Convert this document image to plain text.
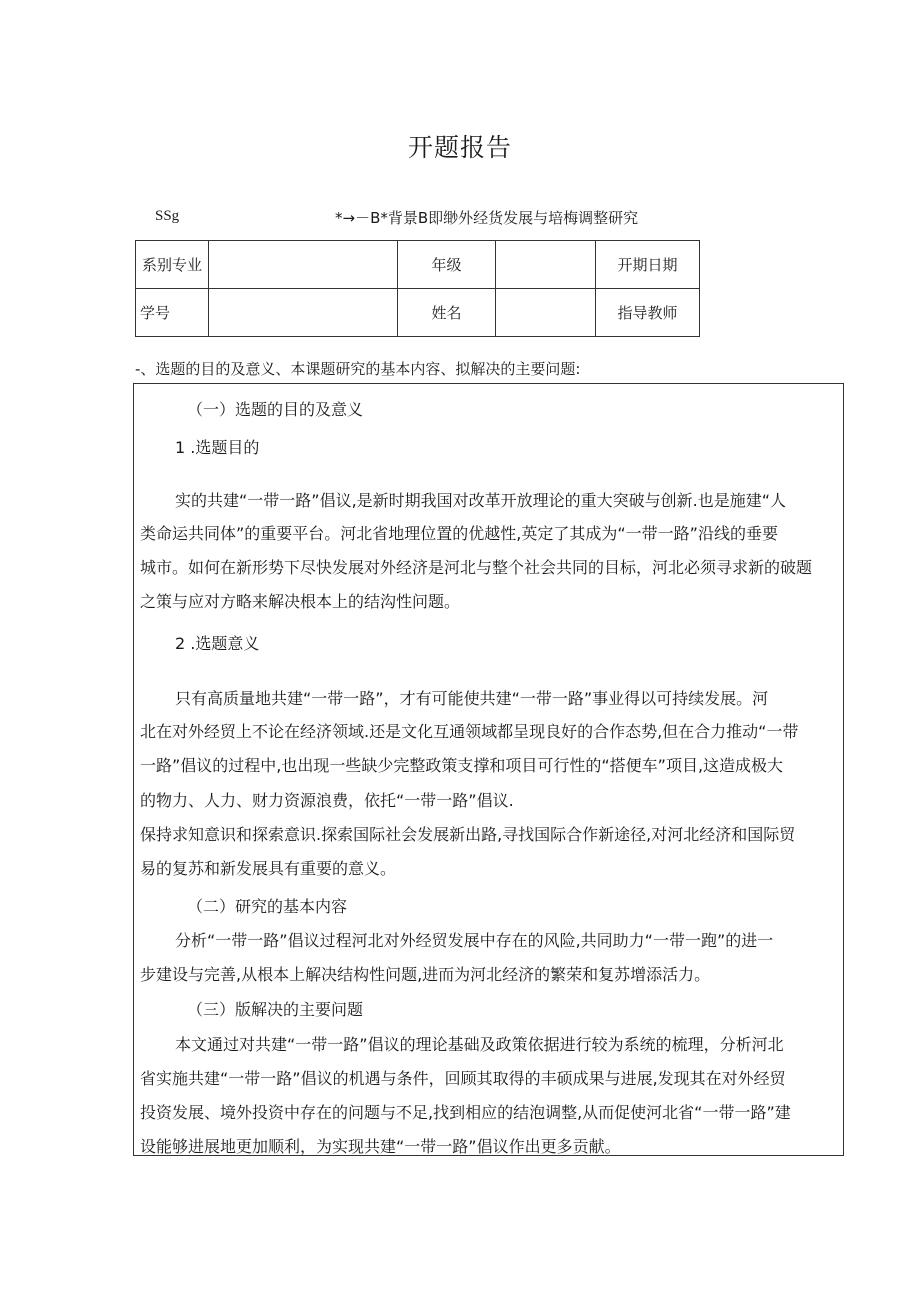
开题报告
SSg	*→－B*背景B即缈外经货发展与培梅调整研究
系别专业		年级		开期日期
学号		姓名		指导教师
-、选题的目的及意义、本课题研究的基本内容、拟解决的主要问题:
（一）选题的目的及意义
1 .选题目的
实的共建“一带一路”倡议,是新时期我国对改革开放理论的重大突破与创新.也是施建“人
类命运共同体”的重要平台。河北省地理位置的优越性,英定了其成为“一带一路”沿线的垂要
城市。如何在新形势下尽快发展对外经济是河北与整个社会共同的目标，河北必须寻求新的破题
之策与应对方略来解决根本上的结沟性问题。
2 .选题意义
只有高质量地共建“一带一路”，才有可能使共建“一带一路”事业得以可持续发展。河
北在对外经贸上不论在经济领域.还是文化互通领域都呈现良好的合作态势,但在合力推动“一带
一路”倡议的过程中,也出现一些缺少完整政策支撑和项目可行性的“搭便车”项目,这造成极大
的物力、人力、财力资源浪费，依托“一带一路”倡议.
保持求知意识和探索意识.探索国际社会发展新出路,寻找国际合作新途径,对河北经济和国际贸
易的复苏和新发展具有重要的意义。
（二）研究的基本内容
分析“一带一路”倡议过程河北对外经贸发展中存在的风险,共同助力“一带一跑”的进一
步建设与完善,从根本上解决结构性问题,进而为河北经济的繁荣和复苏增添活力。
（三）版解决的主要问题
本文通过对共建“一带一路”倡议的理论基础及政策依据进行较为系统的梳理，分析河北
省实施共建“一带一路”倡议的机遇与条件，回顾其取得的丰硕成果与进展,发现其在对外经贸
投资发展、境外投资中存在的问题与不足,找到相应的结泡调整,从而促使河北省“一带一路”建
设能够进展地更加顺利，为实现共建“一带一路”倡议作出更多贡献。
